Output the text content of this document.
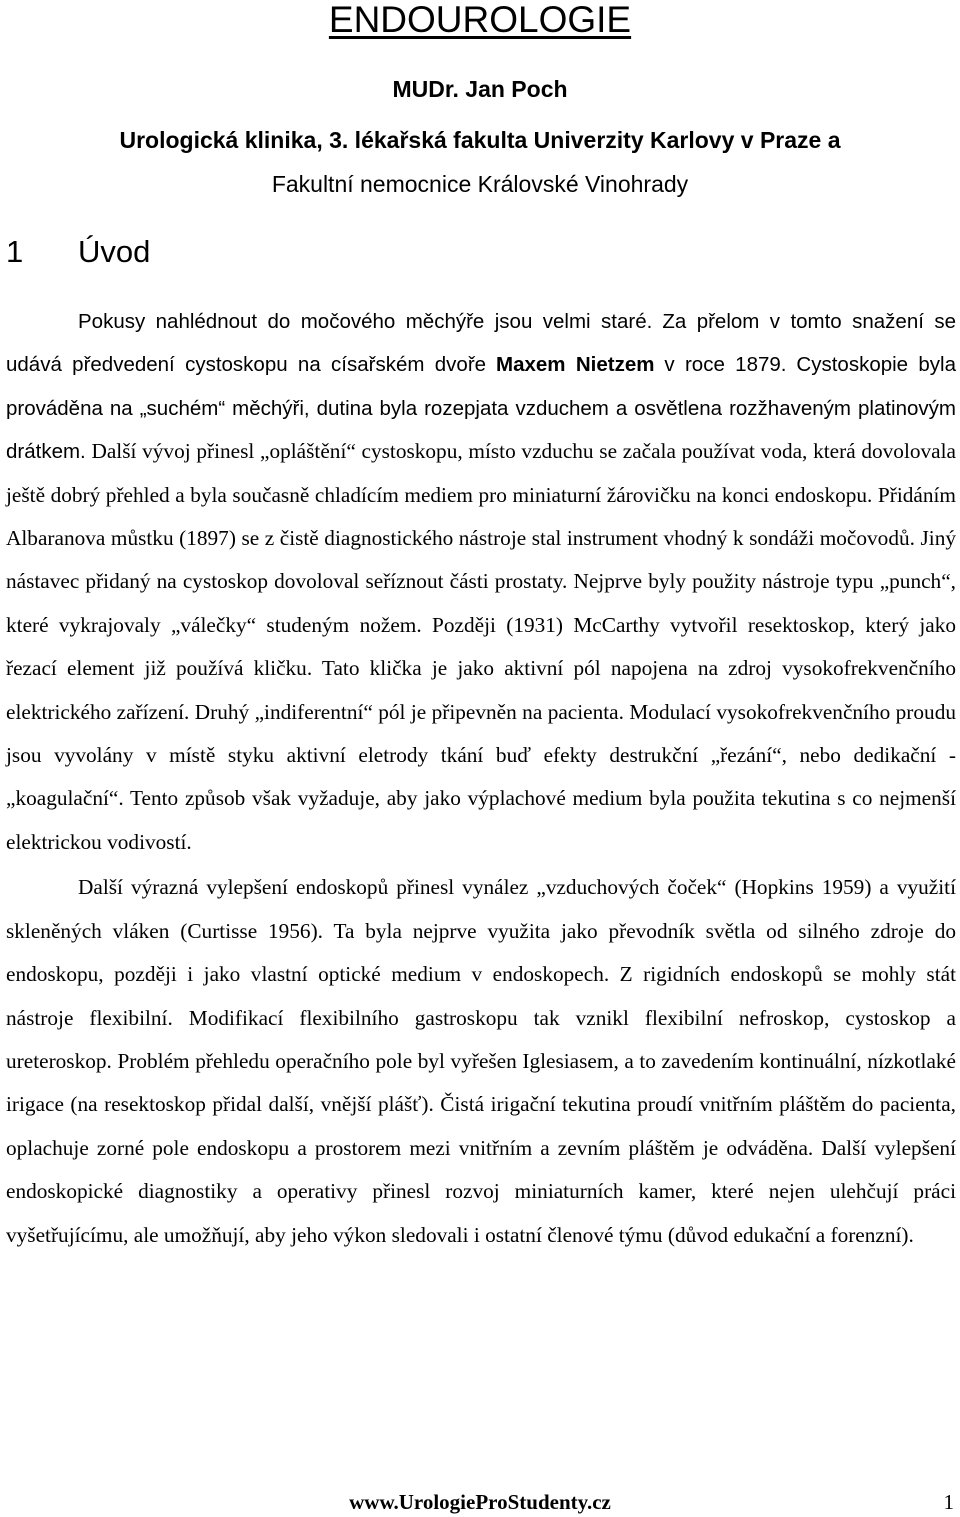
ENDOUROLOGIE
MUDr. Jan Poch
Urologická klinika, 3. lékařská fakulta Univerzity Karlovy v Praze a
Fakultní nemocnice Královské Vinohrady
1 Úvod

Pokusy nahlédnout do močového měchýře jsou velmi staré. Za přelom v tomto snažení se udává předvedení cystoskopu na císařském dvoře Maxem Nietzem v roce 1879. Cystoskopie byla prováděna na „suchém“ měchýři, dutina byla rozepjata vzduchem a osvětlena rozžhaveným platinovým drátkem. Další vývoj přinesl „opláštění“ cystoskopu, místo vzduchu se začala používat voda, která dovolovala ještě dobrý přehled a byla současně chladícím mediem pro miniaturní žárovičku na konci endoskopu. Přidáním Albaranova můstku (1897) se z čistě diagnostického nástroje stal instrument vhodný k sondáži močovodů. Jiný nástavec přidaný na cystoskop dovoloval seříznout části prostaty. Nejprve byly použity nástroje typu „punch“, které vykrajovaly „válečky“ studeným nožem. Později (1931) McCarthy vytvořil resektoskop, který jako řezací element již používá kličku. Tato klička je jako aktivní pól napojena na zdroj vysokofrekvenčního elektrického zařízení. Druhý „indiferentní“ pól je připevněn na pacienta. Modulací vysokofrekvenčního proudu jsou vyvolány v místě styku aktivní eletrody tkání buď efekty destrukční „řezání“, nebo dedikační - „koagulační“. Tento způsob však vyžaduje, aby jako výplachové medium byla použita tekutina s co nejmenší elektrickou vodivostí.

Další výrazná vylepšení endoskopů přinesl vynález „vzduchových čoček“ (Hopkins 1959) a využití skleněných vláken (Curtisse 1956). Ta byla nejprve využita jako převodník světla od silného zdroje do endoskopu, později i jako vlastní optické medium v endoskopech. Z rigidních endoskopů se mohly stát nástroje flexibilní. Modifikací flexibilního gastroskopu tak vznikl flexibilní nefroskop, cystoskop a ureteroskop. Problém přehledu operačního pole byl vyřešen Iglesiasem, a to zavedením kontinuální, nízkotlaké irigace (na resektoskop přidal další, vnější plášť). Čistá irigační tekutina proudí vnitřním pláštěm do pacienta, oplachuje zorné pole endoskopu a prostorem mezi vnitřním a zevním pláštěm je odváděna. Další vylepšení endoskopické diagnostiky a operativy přinesl rozvoj miniaturních kamer, které nejen ulehčují práci vyšetřujícímu, ale umožňují, aby jeho výkon sledovali i ostatní členové týmu (důvod edukační a forenzní).

www.UrologieProStudenty.cz	1
